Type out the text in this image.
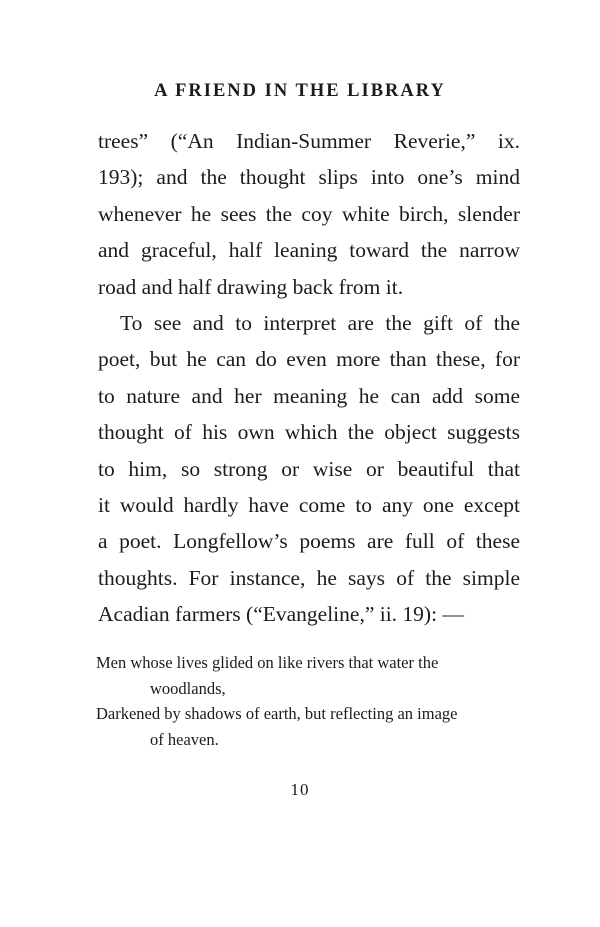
A FRIEND IN THE LIBRARY
trees” (“An Indian-Summer Reverie,” ix.
193); and the thought slips into one’s mind
whenever he sees the coy white birch, slender
and graceful, half leaning toward the narrow
road and half drawing back from it.
To see and to interpret are the gift of the
poet, but he can do even more than these, for
to nature and her meaning he can add some
thought of his own which the object suggests
to him, so strong or wise or beautiful that
it would hardly have come to any one except
a poet. Longfellow’s poems are full of these
thoughts. For instance, he says of the simple
Acadian farmers (“Evangeline,” ii. 19): —
Men whose lives glided on like rivers that water the
woodlands,
Darkened by shadows of earth, but reflecting an image
of heaven.
10
